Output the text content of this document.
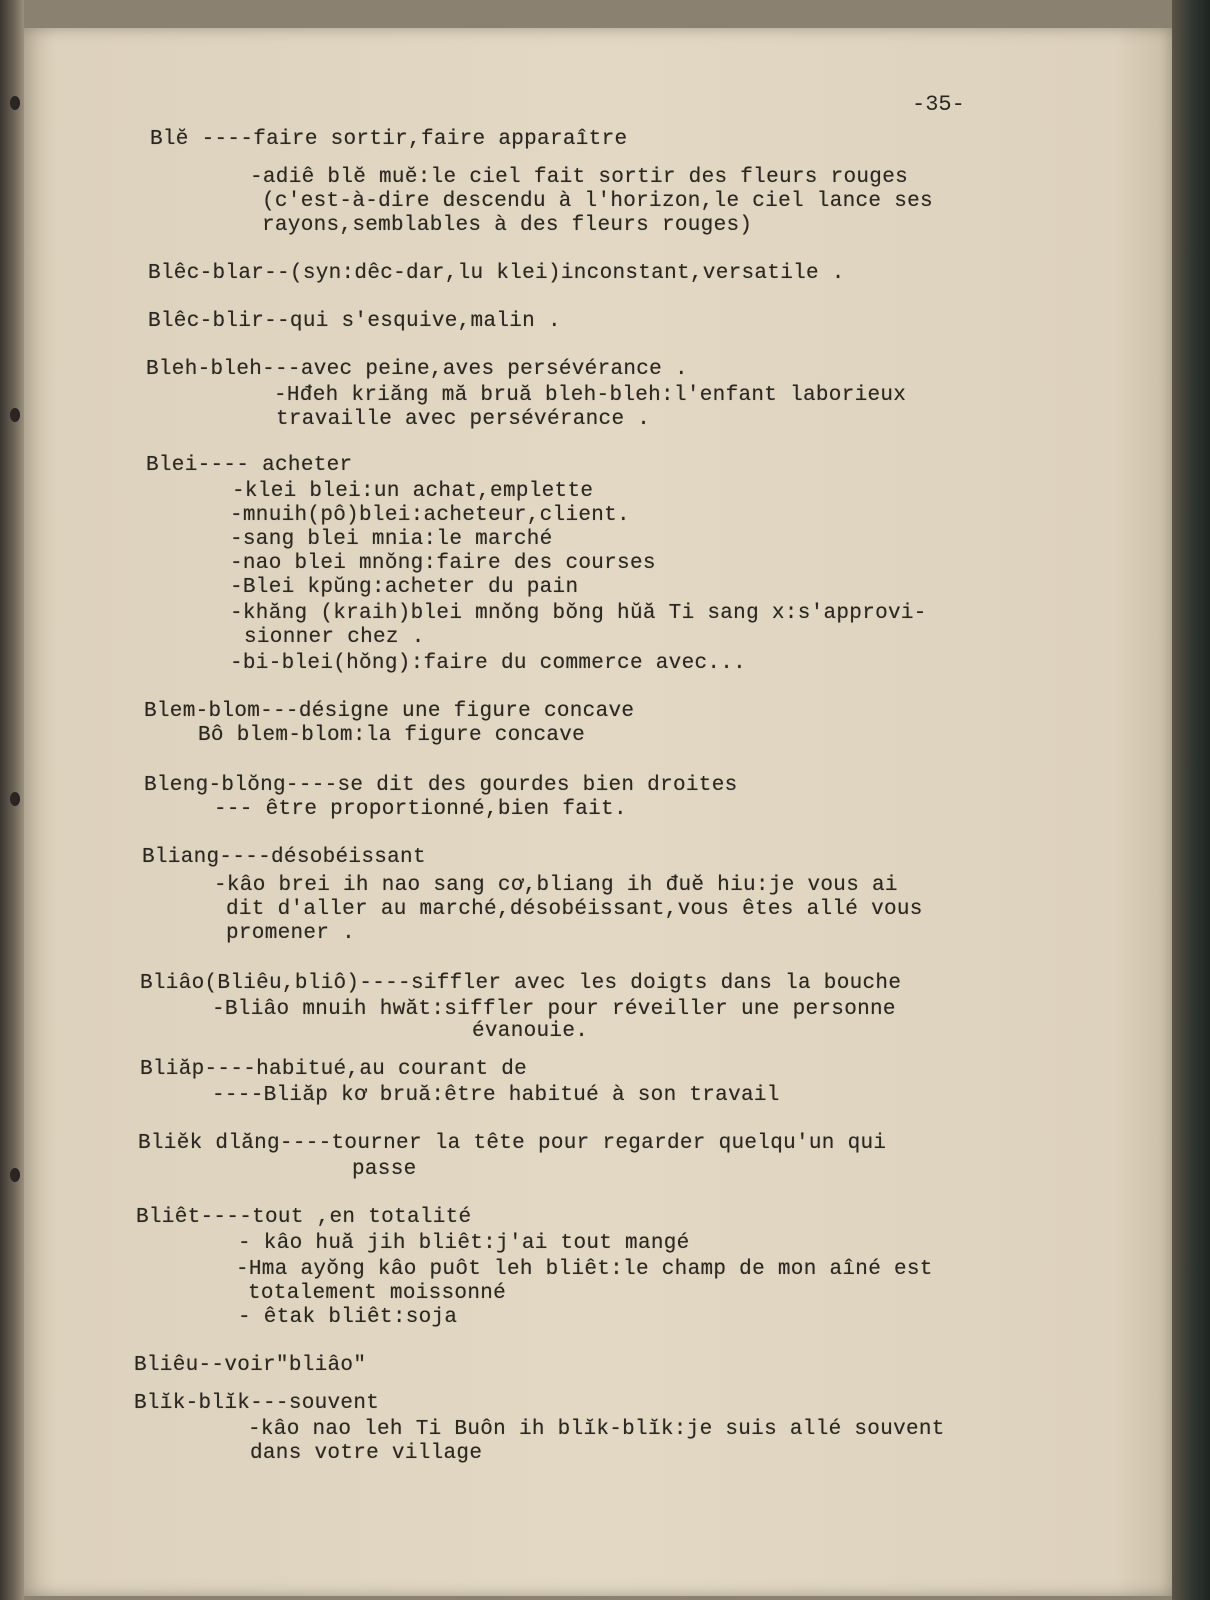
-35-
Blĕ ----faire sortir,faire apparaître
-adiê blĕ muĕ:le ciel fait sortir des fleurs rouges
(c'est-à-dire descendu à l'horizon,le ciel lance ses
rayons,semblables à des fleurs rouges)
Blêc-blar--(syn:dêc-dar,lu klei)inconstant,versatile .
Blêc-blir--qui s'esquive,malin .
Bleh-bleh---avec peine,aves persévérance .
-Hđeh kriăng mă bruă bleh-bleh:l'enfant laborieux
travaille avec persévérance .
Blei---- acheter
-klei blei:un achat,emplette
-mnuih(pô)blei:acheteur,client.
-sang blei mnia:le marché
-nao blei mnŏng:faire des courses
-Blei kpŭng:acheter du pain
-khăng (kraih)blei mnŏng bŏng hŭă Ti sang x:s'approvi-
sionner chez .
-bi-blei(hŏng):faire du commerce avec...
Blem-blom---désigne une figure concave
Bô blem-blom:la figure concave
Bleng-blŏng----se dit des gourdes bien droites
--- être proportionné,bien fait.
Bliang----désobéissant
-kâo brei ih nao sang cơ,bliang ih đuĕ hiu:je vous ai
dit d'aller au marché,désobéissant,vous êtes allé vous
promener .
Bliâo(Bliêu,bliô)----siffler avec les doigts dans la bouche
-Bliâo mnuih hwăt:siffler pour réveiller une personne
évanouie.
Bliăp----habitué,au courant de
----Bliăp kơ bruă:être habitué à son travail
Bliĕk dlăng----tourner la tête pour regarder quelqu'un qui
passe
Bliêt----tout ,en totalité
- kâo huă jih bliêt:j'ai tout mangé
-Hma ayŏng kâo puôt leh bliêt:le champ de mon aîné est
totalement moissonné
- êtak bliêt:soja
Bliêu--voir"bliâo"
Blĭk-blĭk---souvent
-kâo nao leh Ti Buôn ih blĭk-blĭk:je suis allé souvent
dans votre village
